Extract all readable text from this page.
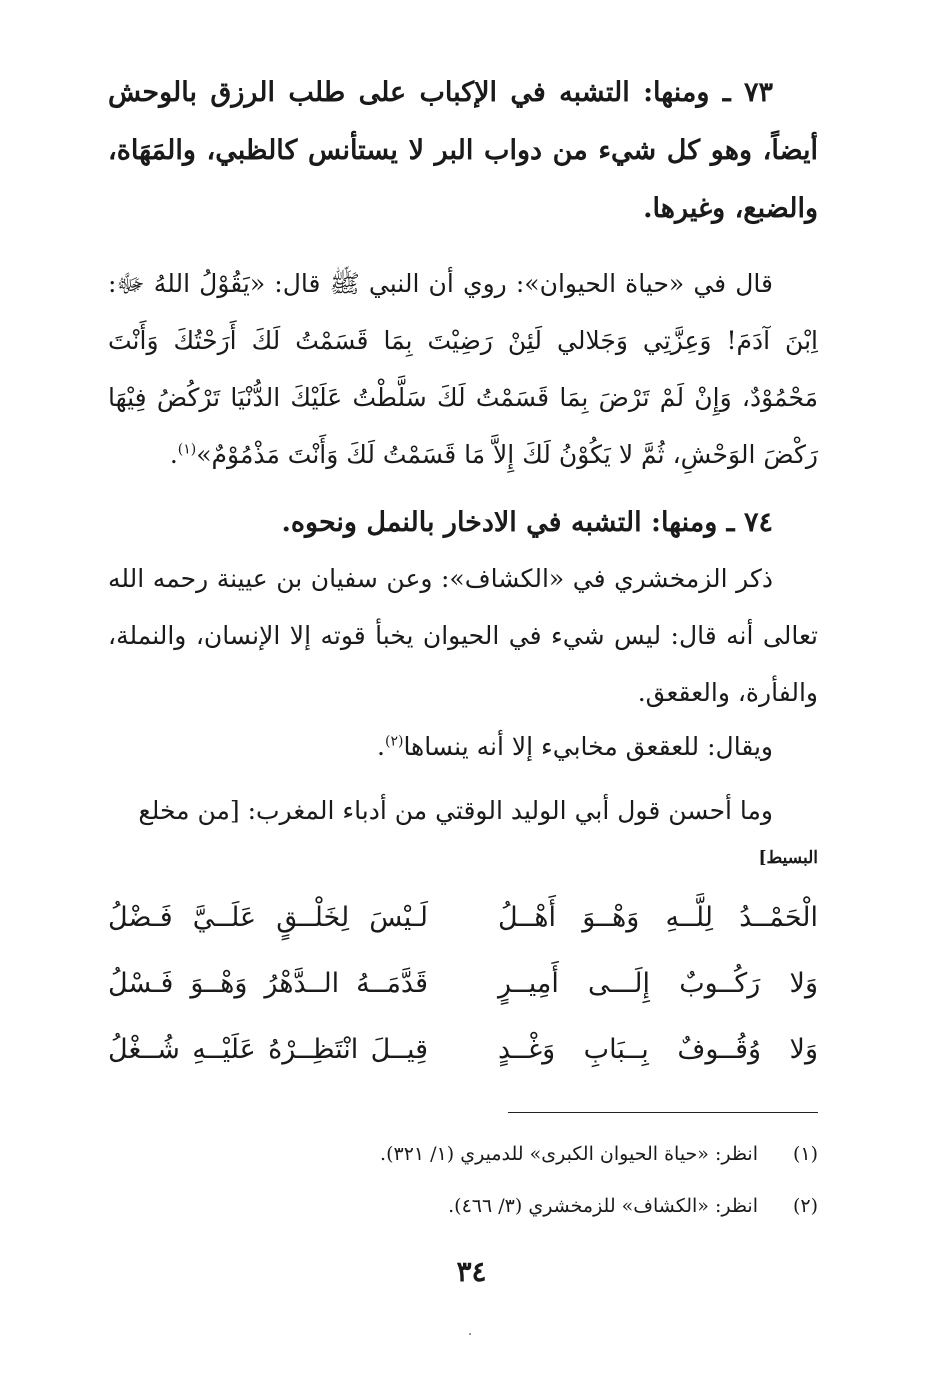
٧٣ ـ ومنها: التشبه في الإكباب على طلب الرزق بالوحش أيضاً، وهو كل شيء من دواب البر لا يستأنس كالظبي، والمَهَاة، والضبع، وغيرها.

قال في «حياة الحيوان»: روي أن النبي ﷺ قال: «يَقُوْلُ اللهُ ﷻ: اِبْنَ آدَمَ! وَعِزَّتِي وَجَلالي لَئِنْ رَضِيْتَ بِمَا قَسَمْتُ لَكَ أَرَحْتُكَ وَأَنْتَ مَحْمُوْدٌ، وَإِنْ لَمْ تَرْضَ بِمَا قَسَمْتُ لَكَ سَلَّطْتُ عَلَيْكَ الدُّنْيَا تَرْكُضُ فِيْهَا رَكْضَ الوَحْشِ، ثُمَّ لا يَكُوْنُ لَكَ إِلاَّ مَا قَسَمْتُ لَكَ وَأَنْتَ مَذْمُوْمٌ»$^{(١)}$.

٧٤ ـ ومنها: التشبه في الادخار بالنمل ونحوه.

ذكر الزمخشري في «الكشاف»: وعن سفيان بن عيينة رحمه الله تعالى أنه قال: ليس شيء في الحيوان يخبأ قوته إلا الإنسان، والنملة، والفأرة، والعقعق.

ويقال: للعقعق مخابيء إلا أنه ينساها$^{(٢)}$.

وما أحسن قول أبي الوليد الوقتي من أدباء المغرب: [من مخلع

البسيط]
الْحَمْــدُ لِلَّــهِ وَهْــوَ أَهْــلُ
لَـيْسَ لِخَلْــقٍ عَلَــيَّ فَـضْلُ
وَلا رَكُــوبٌ إِلَـــى أَمِيــرٍ
قَدَّمَــهُ الــدَّهْرُ وَهْــوَ فَـسْلُ
وَلا وُقُــوفٌ بِــبَابِ وَغْــدٍ
قِيــلَ انْتَظِــرْهُ عَلَيْــهِ شُــغْلُ
(١)انظر: «حياة الحيوان الكبرى» للدميري (١/ ٣٢١).
(٢)انظر: «الكشاف» للزمخشري (٣/ ٤٦٦).
٣٤
